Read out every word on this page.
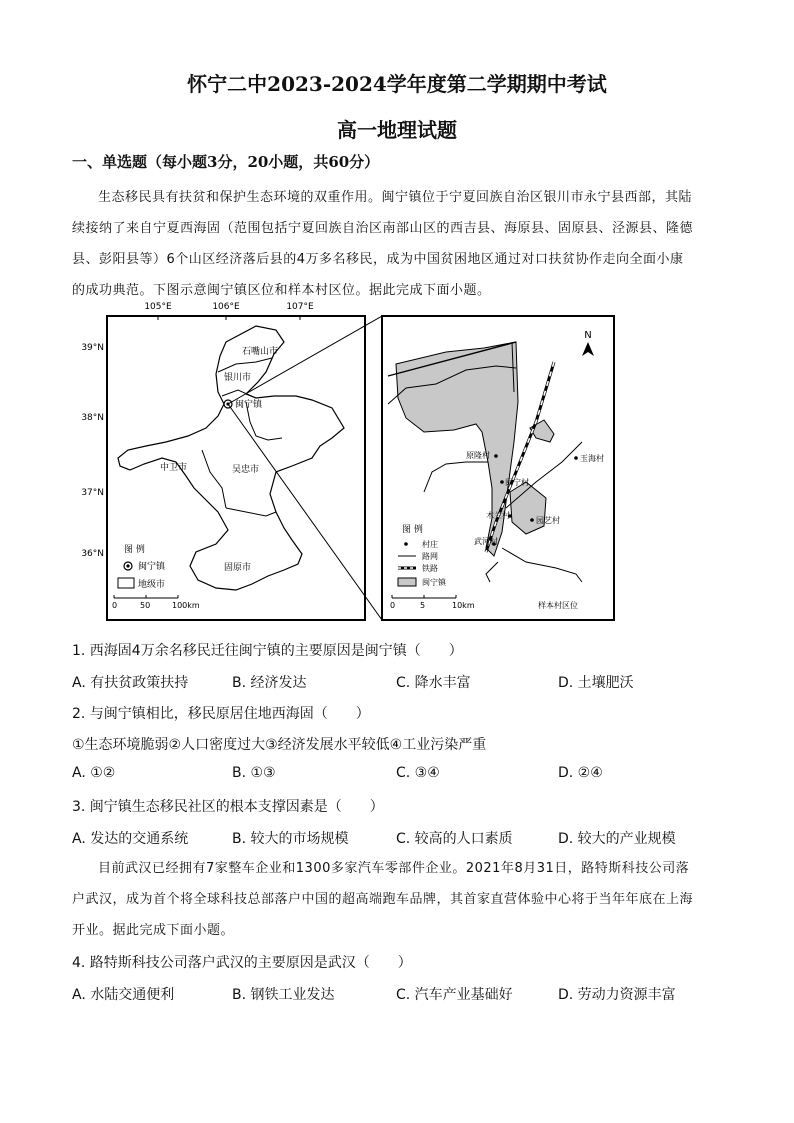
怀宁二中2023-2024学年度第二学期期中考试
高一地理试题
一、单选题（每小题3分，20小题，共60分）
生态移民具有扶贫和保护生态环境的双重作用。闽宁镇位于宁夏回族自治区银川市永宁县西部，其陆
续接纳了来自宁夏西海固（范围包括宁夏回族自治区南部山区的西吉县、海原县、固原县、泾源县、隆德
县、彭阳县等）6个山区经济落后县的4万多名移民，成为中国贫困地区通过对口扶贫协作走向全面小康
的成功典范。下图示意闽宁镇区位和样本村区位。据此完成下面小题。
105°E	106°E	107°E
39°N
38°N
37°N
36°N
石嘴山市
银川市
闽宁镇
中卫市	吴忠市
固原市
图 例
闽宁镇
地级市
0	50	100km
N
原隆村
闽宁村
木兰村
园艺村
玉海村
武河村
图 例
村庄
路网
铁路
闽宁镇
0	5	10km	样本村区位
1. 西海固4万余名移民迁往闽宁镇的主要原因是闽宁镇（　　）
A. 有扶贫政策扶持	B. 经济发达	C. 降水丰富	D. 土壤肥沃
2. 与闽宁镇相比，移民原居住地西海固（　　）
①生态环境脆弱②人口密度过大③经济发展水平较低④工业污染严重
A. ①②	B. ①③	C. ③④	D. ②④
3. 闽宁镇生态移民社区的根本支撑因素是（　　）
A. 发达的交通系统	B. 较大的市场规模	C. 较高的人口素质	D. 较大的产业规模
目前武汉已经拥有7家整车企业和1300多家汽车零部件企业。2021年8月31日，路特斯科技公司落
户武汉，成为首个将全球科技总部落户中国的超高端跑车品牌，其首家直营体验中心将于当年年底在上海
开业。据此完成下面小题。
4. 路特斯科技公司落户武汉的主要原因是武汉（　　）
A. 水陆交通便利	B. 钢铁工业发达	C. 汽车产业基础好	D. 劳动力资源丰富
